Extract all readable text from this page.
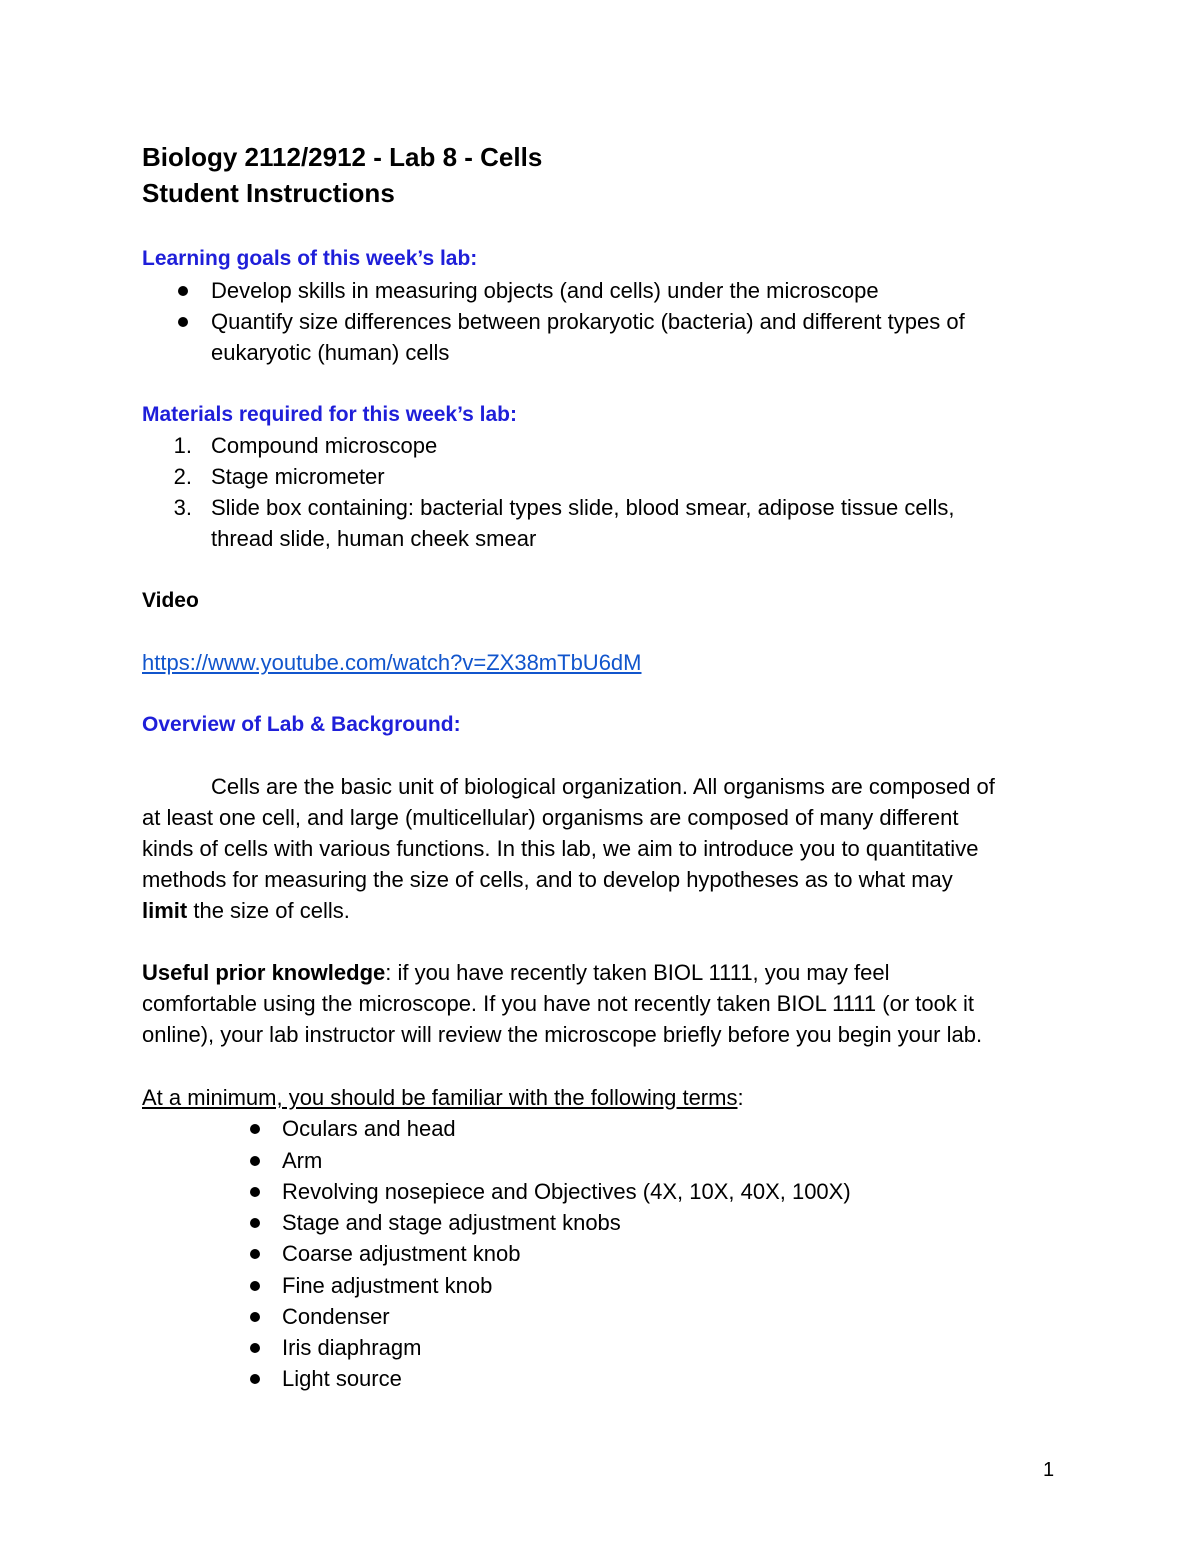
Biology 2112/2912 - Lab 8 - Cells
Student Instructions
Learning goals of this week’s lab:
Develop skills in measuring objects (and cells) under the microscope
Quantify size differences between prokaryotic (bacteria) and different types of
eukaryotic (human) cells
Materials required for this week’s lab:
1. Compound microscope
2. Stage micrometer
3. Slide box containing: bacterial types slide, blood smear, adipose tissue cells,
thread slide, human cheek smear
Video
https://www.youtube.com/watch?v=ZX38mTbU6dM
Overview of Lab & Background:
Cells are the basic unit of biological organization. All organisms are composed of
at least one cell, and large (multicellular) organisms are composed of many different
kinds of cells with various functions. In this lab, we aim to introduce you to quantitative
methods for measuring the size of cells, and to develop hypotheses as to what may
limit the size of cells.
Useful prior knowledge: if you have recently taken BIOL 1111, you may feel
comfortable using the microscope. If you have not recently taken BIOL 1111 (or took it
online), your lab instructor will review the microscope briefly before you begin your lab.
At a minimum, you should be familiar with the following terms:
Oculars and head
Arm
Revolving nosepiece and Objectives (4X, 10X, 40X, 100X)
Stage and stage adjustment knobs
Coarse adjustment knob
Fine adjustment knob
Condenser
Iris diaphragm
Light source
1
